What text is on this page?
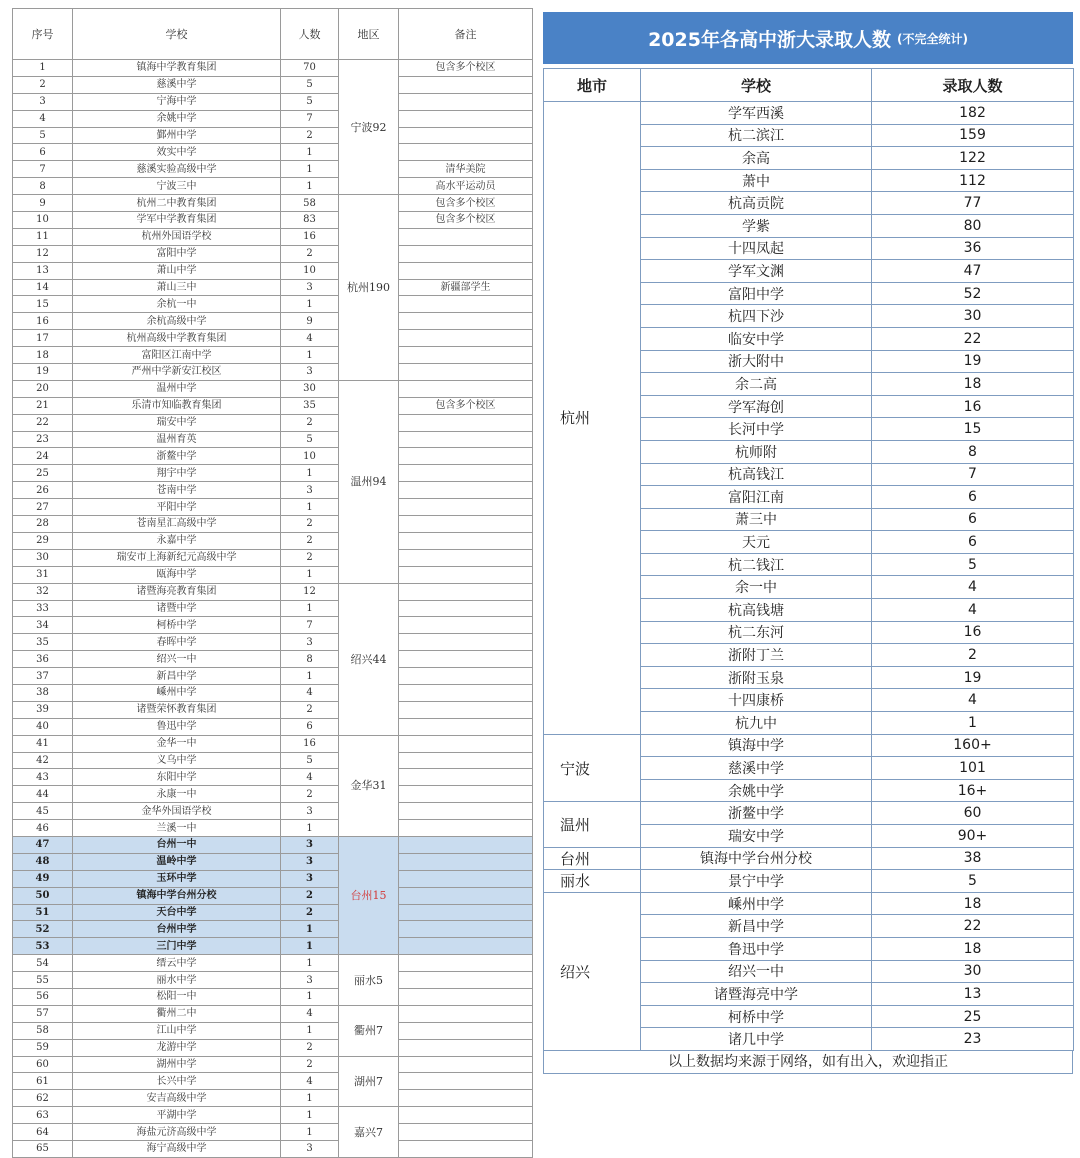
序号	学校	人数	地区	备注
1	镇海中学教育集团	70	宁波92	包含多个校区
2	慈溪中学	5		
3	宁海中学	5		
4	余姚中学	7		
5	鄞州中学	2		
6	效实中学	1		
7	慈溪实验高级中学	1		清华美院
8	宁波三中	1		高水平运动员
9	杭州二中教育集团	58	杭州190	包含多个校区
10	学军中学教育集团	83		包含多个校区
11	杭州外国语学校	16		
12	富阳中学	2		
13	萧山中学	10		
14	萧山三中	3		新疆部学生
15	余杭一中	1		
16	余杭高级中学	9		
17	杭州高级中学教育集团	4		
18	富阳区江南中学	1		
19	严州中学新安江校区	3		
20	温州中学	30	温州94	
21	乐清市知临教育集团	35		包含多个校区
22	瑞安中学	2		
23	温州育英	5		
24	浙鳌中学	10		
25	翔宇中学	1		
26	苍南中学	3		
27	平阳中学	1		
28	苍南星汇高级中学	2		
29	永嘉中学	2		
30	瑞安市上海新纪元高级中学	2		
31	瓯海中学	1		
32	诸暨海亮教育集团	12	绍兴44	
33	诸暨中学	1		
34	柯桥中学	7		
35	春晖中学	3		
36	绍兴一中	8		
37	新昌中学	1		
38	嵊州中学	4		
39	诸暨荣怀教育集团	2		
40	鲁迅中学	6		
41	金华一中	16	金华31	
42	义乌中学	5		
43	东阳中学	4		
44	永康一中	2		
45	金华外国语学校	3		
46	兰溪一中	1		
47	台州一中	3	台州15	
48	温岭中学	3		
49	玉环中学	3		
50	镇海中学台州分校	2		
51	天台中学	2		
52	台州中学	1		
53	三门中学	1		
54	缙云中学	1	丽水5	
55	丽水中学	3		
56	松阳一中	1		
57	衢州二中	4	衢州7	
58	江山中学	1		
59	龙游中学	2		
60	湖州中学	2	湖州7	
61	长兴中学	4		
62	安吉高级中学	1		
63	平湖中学	1	嘉兴7	
64	海盐元济高级中学	1		
65	海宁高级中学	3		
2025年各高中浙大录取人数 (不完全统计)
地市	学校	录取人数
杭州	学军西溪	182
	杭二滨江	159
	余高	122
	萧中	112
	杭高贡院	77
	学紫	80
	十四凤起	36
	学军文渊	47
	富阳中学	52
	杭四下沙	30
	临安中学	22
	浙大附中	19
	余二高	18
	学军海创	16
	长河中学	15
	杭师附	8
	杭高钱江	7
	富阳江南	6
	萧三中	6
	天元	6
	杭二钱江	5
	余一中	4
	杭高钱塘	4
	杭二东河	16
	浙附丁兰	2
	浙附玉泉	19
	十四康桥	4
	杭九中	1
宁波	镇海中学	160+
	慈溪中学	101
	余姚中学	16+
温州	浙鳌中学	60
	瑞安中学	90+
台州	镇海中学台州分校	38
丽水	景宁中学	5
绍兴	嵊州中学	18
	新昌中学	22
	鲁迅中学	18
	绍兴一中	30
	诸暨海亮中学	13
	柯桥中学	25
	诸几中学	23
以上数据均来源于网络，如有出入，欢迎指正
